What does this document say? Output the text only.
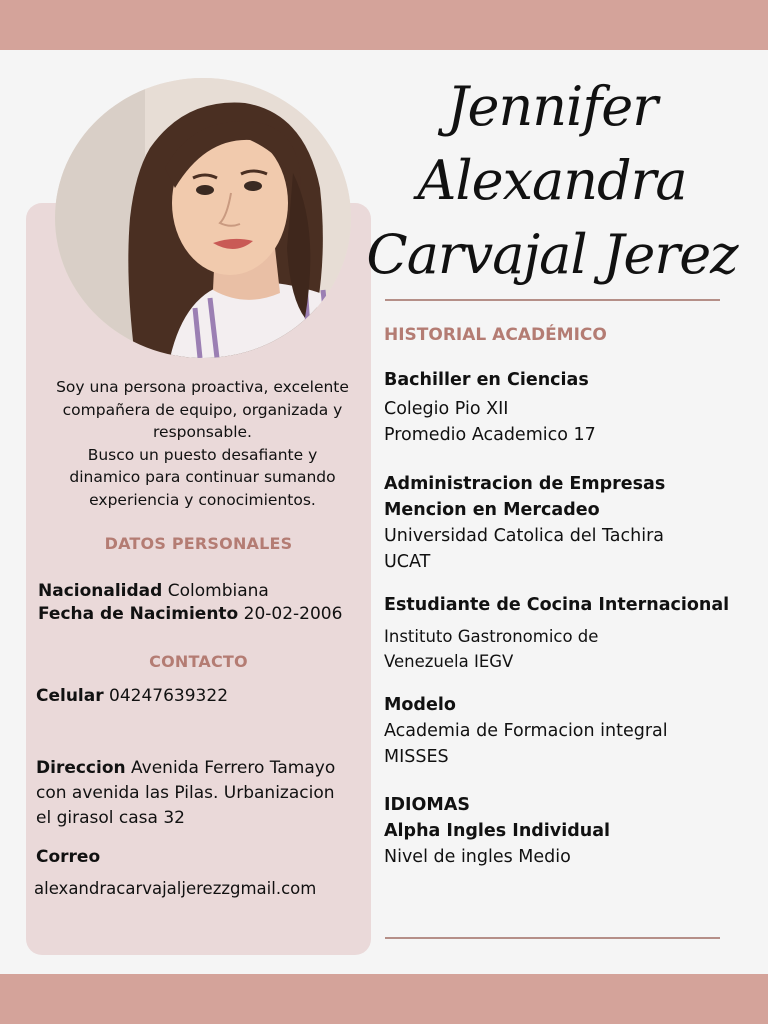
Jennifer Alexandra
Carvajal Jerez
Soy una persona proactiva, excelente
compañera de equipo, organizada y
responsable.
Busco un puesto desafiante y
dinamico para continuar sumando
experiencia y conocimientos.
DATOS PERSONALES
Nacionalidad Colombiana
Fecha de Nacimiento 20-02-2006
CONTACTO
Celular 04247639322
Direccion Avenida Ferrero Tamayo
con avenida las Pilas. Urbanizacion
el girasol casa 32
Correo
alexandracarvajaljerezzgmail.com
HISTORIAL ACADÉMICO
Bachiller en Ciencias
Colegio Pio XII
Promedio Academico 17
Administracion de Empresas
Mencion en Mercadeo
Universidad Catolica del Tachira
UCAT
Estudiante de Cocina Internacional
Instituto Gastronomico de
Venezuela IEGV
Modelo
Academia de Formacion integral
MISSES
IDIOMAS
Alpha Ingles Individual
Nivel de ingles Medio
